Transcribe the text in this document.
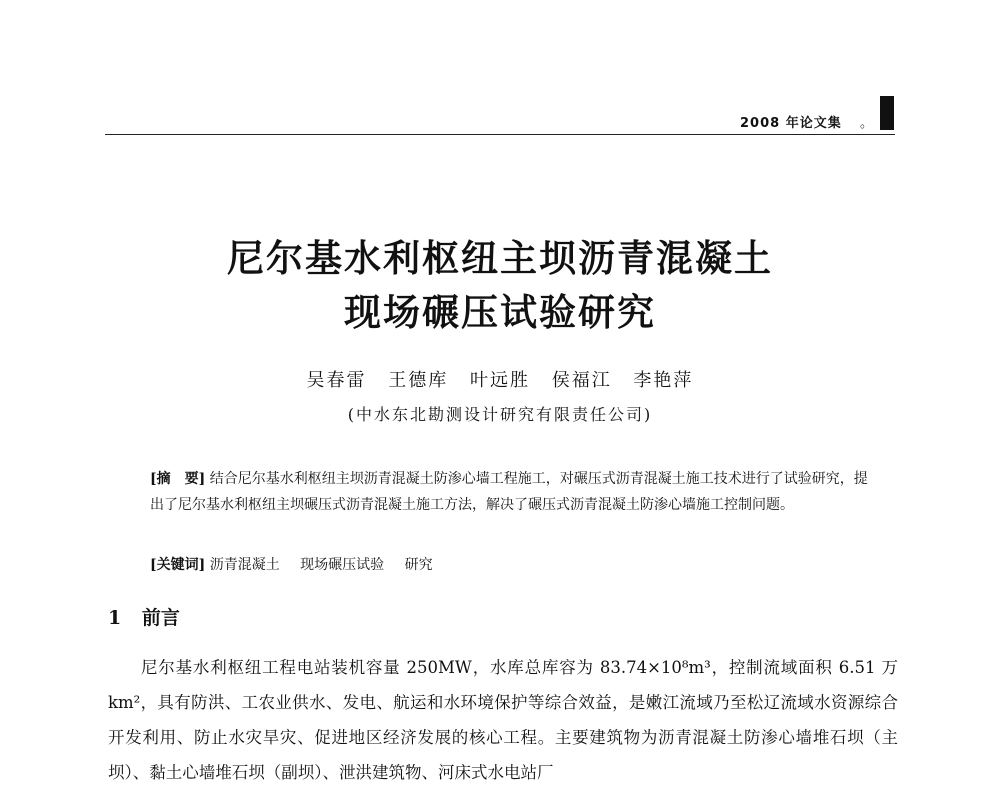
2008 年论文集 。
尼尔基水利枢纽主坝沥青混凝土
现场碾压试验研究
吴春雷 王德库 叶远胜 侯福江 李艳萍
(中水东北勘测设计研究有限责任公司)
[摘　要] 结合尼尔基水利枢纽主坝沥青混凝土防渗心墙工程施工，对碾压式沥青混凝土施工技术进行了试验研究，提出了尼尔基水利枢纽主坝碾压式沥青混凝土施工方法，解决了碾压式沥青混凝土防渗心墙施工控制问题。
[关键词] 沥青混凝土 现场碾压试验 研究
1 前言
尼尔基水利枢纽工程电站装机容量 250MW，水库总库容为 83.74×10⁸m³，控制流域面积 6.51 万 km²，具有防洪、工农业供水、发电、航运和水环境保护等综合效益，是嫩江流域乃至松辽流域水资源综合开发利用、防止水灾旱灾、促进地区经济发展的核心工程。主要建筑物为沥青混凝土防渗心墙堆石坝（主坝）、黏土心墙堆石坝（副坝）、泄洪建筑物、河床式水电站厂
